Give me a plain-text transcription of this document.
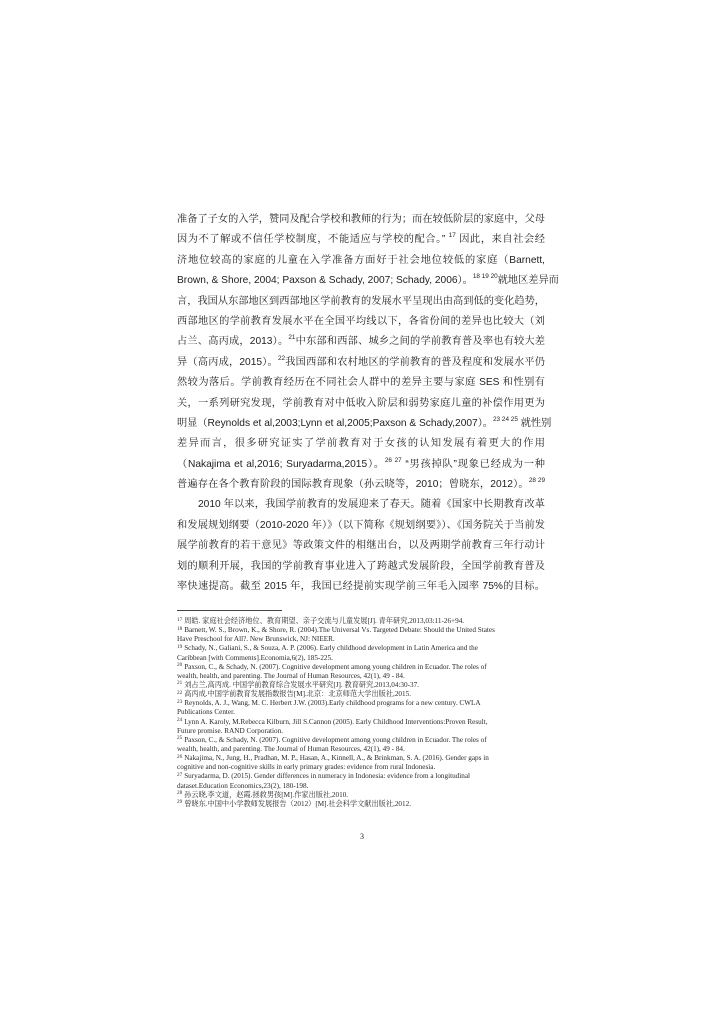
准备了子女的入学，赞同及配合学校和教师的行为；而在较低阶层的家庭中，父母
因为不了解或不信任学校制度，不能适应与学校的配合。” $^{17}$ 因此，来自社会经
济地位较高的家庭的儿童在入学准备方面好于社会地位较低的家庭（Barnett,
Brown, & Shore, 2004; Paxson & Schady, 2007; Schady, 2006）。$^{18 19 20}$就地区差异而
言，我国从东部地区到西部地区学前教育的发展水平呈现出由高到低的变化趋势，
西部地区的学前教育发展水平在全国平均线以下，各省份间的差异也比较大（刘
占兰、高丙成，2013）。$^{21}$中东部和西部、城乡之间的学前教育普及率也有较大差
异（高丙成，2015）。$^{22}$我国西部和农村地区的学前教育的普及程度和发展水平仍
然较为落后。学前教育经历在不同社会人群中的差异主要与家庭 SES 和性别有
关，一系列研究发现，学前教育对中低收入阶层和弱势家庭儿童的补偿作用更为
明显（Reynolds et al,2003;Lynn et al,2005;Paxson & Schady,2007）。$^{23 24 25}$ 就性别
差异而言，很多研究证实了学前教育对于女孩的认知发展有着更大的作用
（Nakajima et al,2016; Suryadarma,2015）。$^{26 27}$ “男孩掉队”现象已经成为一种
普遍存在各个教育阶段的国际教育现象（孙云晓等，2010；曾晓东，2012）。$^{28 29}$
2010 年以来，我国学前教育的发展迎来了春天。随着《国家中长期教育改革
和发展规划纲要（2010-2020 年）》（以下简称《规划纲要》）、《国务院关于当前发
展学前教育的若干意见》等政策文件的相继出台，以及两期学前教育三年行动计
划的顺利开展，我国的学前教育事业进入了跨越式发展阶段，全国学前教育普及
率快速提高。截至 2015 年，我国已经提前实现学前三年毛入园率 75%的目标。
$^{17}$ 周皓. 家庭社会经济地位、教育期望、亲子交流与儿童发展[J]. 青年研究,2013,03:11-26+94.
$^{18}$ Barnett, W. S., Brown, K., & Shore, R. (2004).The Universal Vs. Targeted Debate: Should the United States
Have Preschool for All?. New Brunswick, NJ: NIEER.
$^{19}$ Schady, N., Galiani, S., & Souza, A. P. (2006). Early childhood development in Latin America and the
Caribbean [with Comments].Economia,6(2), 185-225.
$^{20}$ Paxson, C., & Schady, N. (2007). Cognitive development among young children in Ecuador. The roles of
wealth, health, and parenting. The Journal of Human Resources, 42(1), 49 - 84.
$^{21}$ 刘占兰,高丙成. 中国学前教育综合发展水平研究[J]. 教育研究,2013,04:30-37.
$^{22}$ 高丙成.中国学前教育发展指数报告[M].北京：北京师范大学出版社,2015.
$^{23}$ Reynolds, A. J., Wang, M. C. Herbert J.W. (2003).Early childhood programs for a new century. CWLA
Publications Center.
$^{24}$ Lynn A. Karoly, M.Rebecca Kilburn, Jill S.Cannon (2005). Early Childhood Interventions:Proven Result,
Future promise. RAND Corporation.
$^{25}$ Paxson, C., & Schady, N. (2007). Cognitive development among young children in Ecuador. The roles of
wealth, health, and parenting. The Journal of Human Resources, 42(1), 49 - 84.
$^{26}$ Nakajima, N., Jung, H., Pradhan, M. P., Hasan, A., Kinnell, A., & Brinkman, S. A. (2016). Gender gaps in
cognitive and non-cognitive skills in early primary grades: evidence from rural Indonesia.
$^{27}$ Suryadarma, D. (2015). Gender differences in numeracy in Indonesia: evidence from a longitudinal
dataset.Education Economics,23(2), 180-198.
$^{28}$ 孙云晓,李文道，赵霞.拯救男孩[M].作家出版社,2010.
$^{29}$ 曾晓东.中国中小学教师发展报告（2012）[M].社会科学文献出版社,2012.
3
